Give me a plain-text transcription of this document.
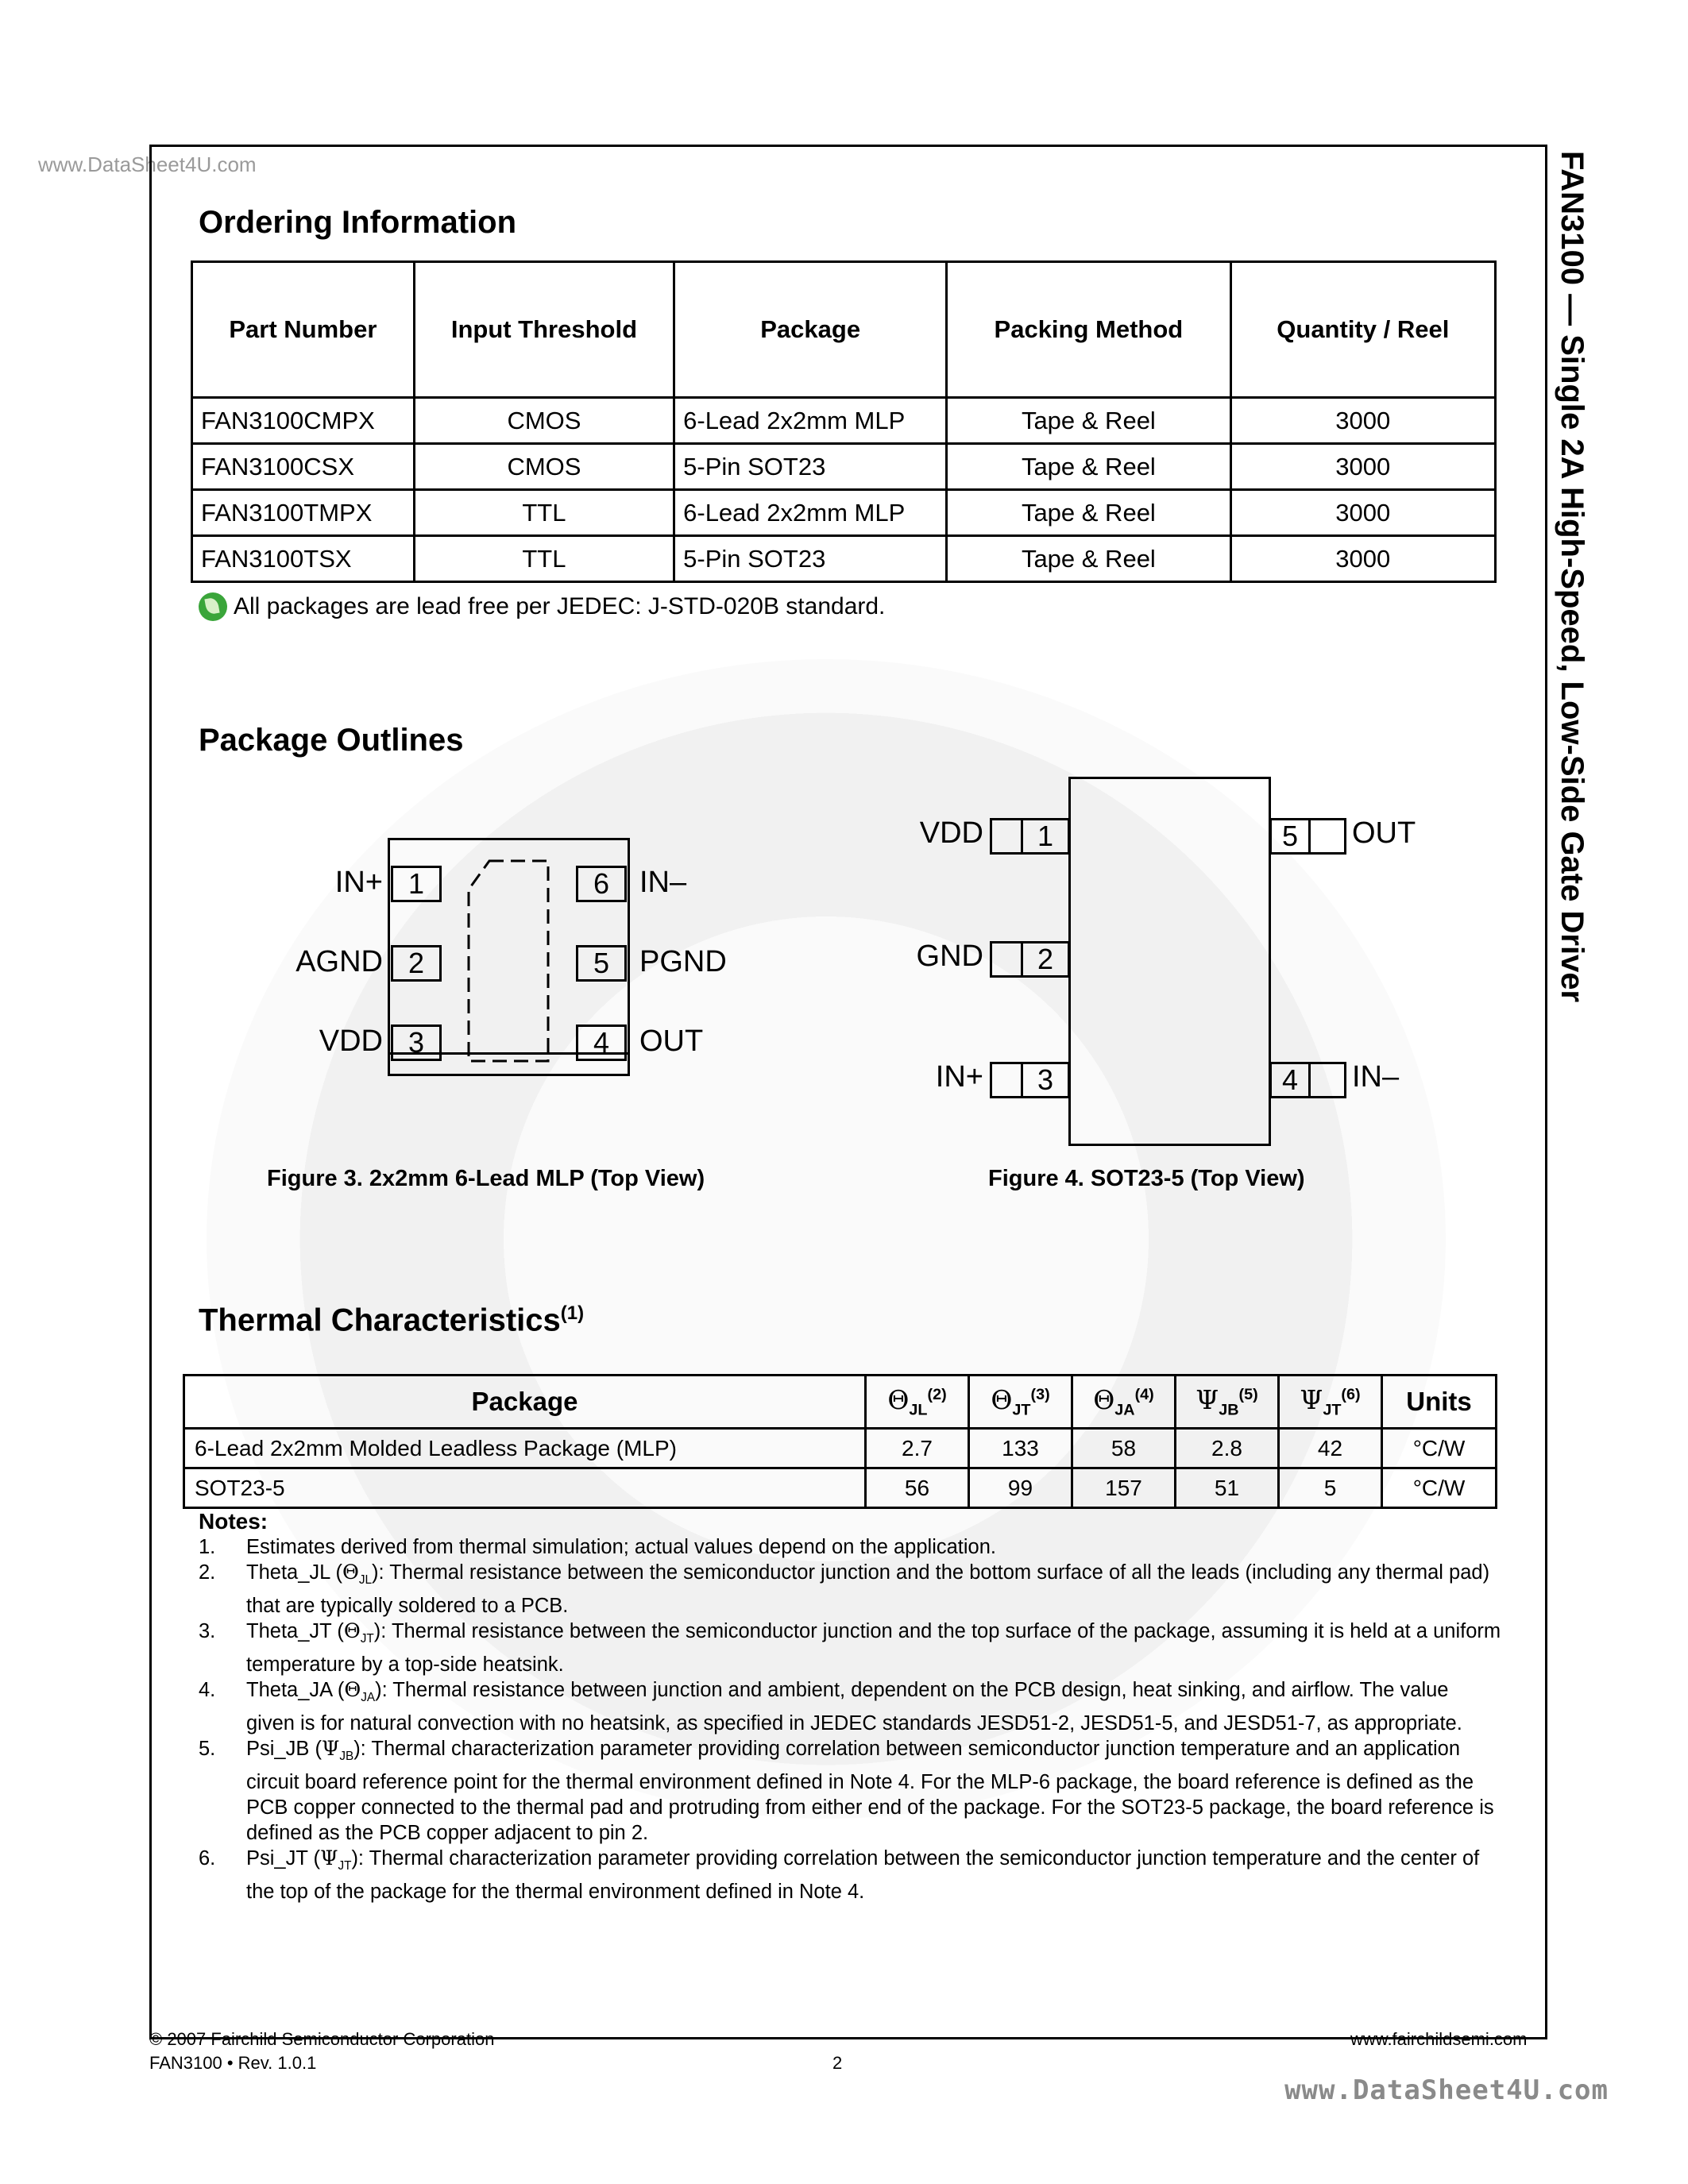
www.DataSheet4U.com	FAN3100 — Single 2A High-Speed, Low-Side Gate Driver
Ordering Information
Part Number	Input Threshold	Package	Packing Method	Quantity / Reel
FAN3100CMPX	CMOS	6-Lead 2x2mm MLP	Tape & Reel	3000
FAN3100CSX	CMOS	5-Pin SOT23	Tape & Reel	3000
FAN3100TMPX	TTL	6-Lead 2x2mm MLP	Tape & Reel	3000
FAN3100TSX	TTL	5-Pin SOT23	Tape & Reel	3000
All packages are lead free per JEDEC: J-STD-020B standard.
Package Outlines
1
IN+
2
AGND
3
VDD
6 IN–
5 PGND
4 OUT
Figure 3. 2x2mm 6-Lead MLP (Top View)
1
VDD
2
GND
3
IN+
5	OUT
4	IN–
Figure 4. SOT23-5 (Top View)
Thermal Characteristics$^{(1)}$
Package	$\Theta_{JL}^{(2)}$	$\Theta_{JT}^{(3)}$	$\Theta_{JA}^{(4)}$	$\Psi_{JB}^{(5)}$	$\Psi_{JT}^{(6)}$	Units
6-Lead 2x2mm Molded Leadless Package (MLP)	2.7	133	58	2.8	42	°C/W
SOT23-5	56	99	157	51	5	°C/W
Notes:
1.	Estimates derived from thermal simulation; actual values depend on the application.
2.	Theta_JL $(\Theta_{JL})$: Thermal resistance between the semiconductor junction and the bottom surface of all the leads (including any thermal pad) that are typically soldered to a PCB.
3.	Theta_JT $(\Theta_{JT})$: Thermal resistance between the semiconductor junction and the top surface of the package, assuming it is held at a uniform temperature by a top-side heatsink.
4.	Theta_JA $(\Theta_{JA})$: Thermal resistance between junction and ambient, dependent on the PCB design, heat sinking, and airflow. The value given is for natural convection with no heatsink, as specified in JEDEC standards JESD51-2, JESD51-5, and JESD51-7, as appropriate.
5.	Psi_JB $(\Psi_{JB})$: Thermal characterization parameter providing correlation between semiconductor junction temperature and an application circuit board reference point for the thermal environment defined in Note 4. For the MLP-6 package, the board reference is defined as the PCB copper connected to the thermal pad and protruding from either end of the package. For the SOT23-5 package, the board reference is defined as the PCB copper adjacent to pin 2.
6.	Psi_JT $(\Psi_{JT})$: Thermal characterization parameter providing correlation between the semiconductor junction temperature and the center of the top of the package for the thermal environment defined in Note 4.
© 2007 Fairchild Semiconductor Corporation
FAN3100 • Rev. 1.0.1	2
www.fairchildsemi.com
www.DataSheet4U.com
